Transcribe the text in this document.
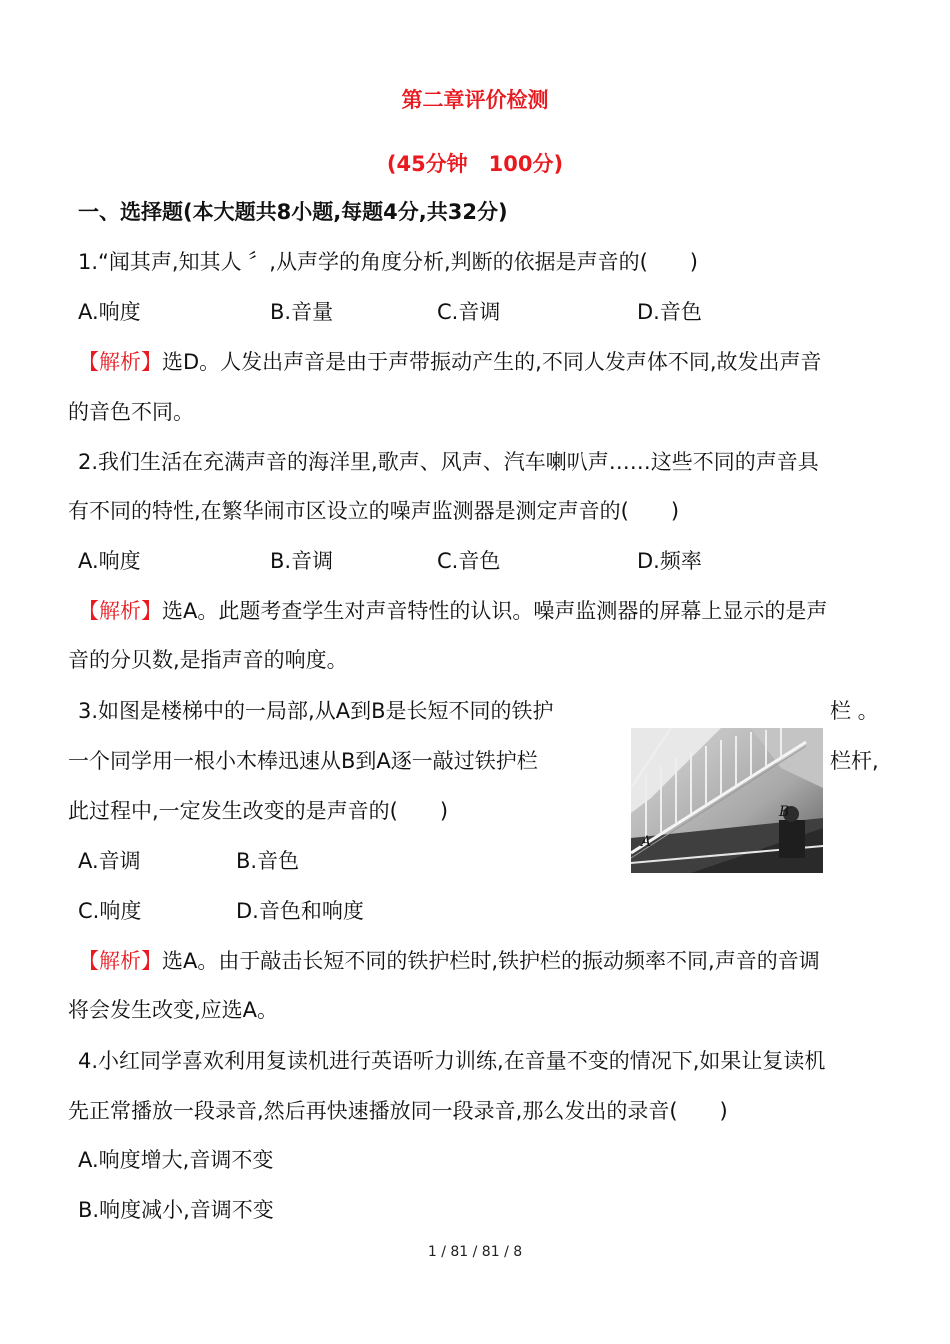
第二章评价检测
(45分钟　100分)
一、选择题(本大题共8小题,每题4分,共32分)
1.“闻其声,知其人 〞,从声学的角度分析,判断的依据是声音的(　　)
A.响度	B.音量	C.音调	D.音色
【解析】选D。人发出声音是由于声带振动产生的,不同人发声体不同,故发出声音
的音色不同。
2.我们生活在充满声音的海洋里,歌声、风声、汽车喇叭声……这些不同的声音具
有不同的特性,在繁华闹市区设立的噪声监测器是测定声音的(　　)
A.响度	B.音调	C.音色	D.频率
【解析】选A。此题考查学生对声音特性的认识。噪声监测器的屏幕上显示的是声
音的分贝数,是指声音的响度。
3.如图是楼梯中的一局部,从A到B是长短不同的铁护	栏 。
一个同学用一根小木棒迅速从B到A逐一敲过铁护栏	栏杆,
此过程中,一定发生改变的是声音的(　　)
A
B
A.音调	B.音色
C.响度	D.音色和响度
【解析】选A。由于敲击长短不同的铁护栏时,铁护栏的振动频率不同,声音的音调
将会发生改变,应选A。
4.小红同学喜欢利用复读机进行英语听力训练,在音量不变的情况下,如果让复读机
先正常播放一段录音,然后再快速播放同一段录音,那么发出的录音(　　)
A.响度增大,音调不变
B.响度减小,音调不变
1 / 81 / 81 / 8
